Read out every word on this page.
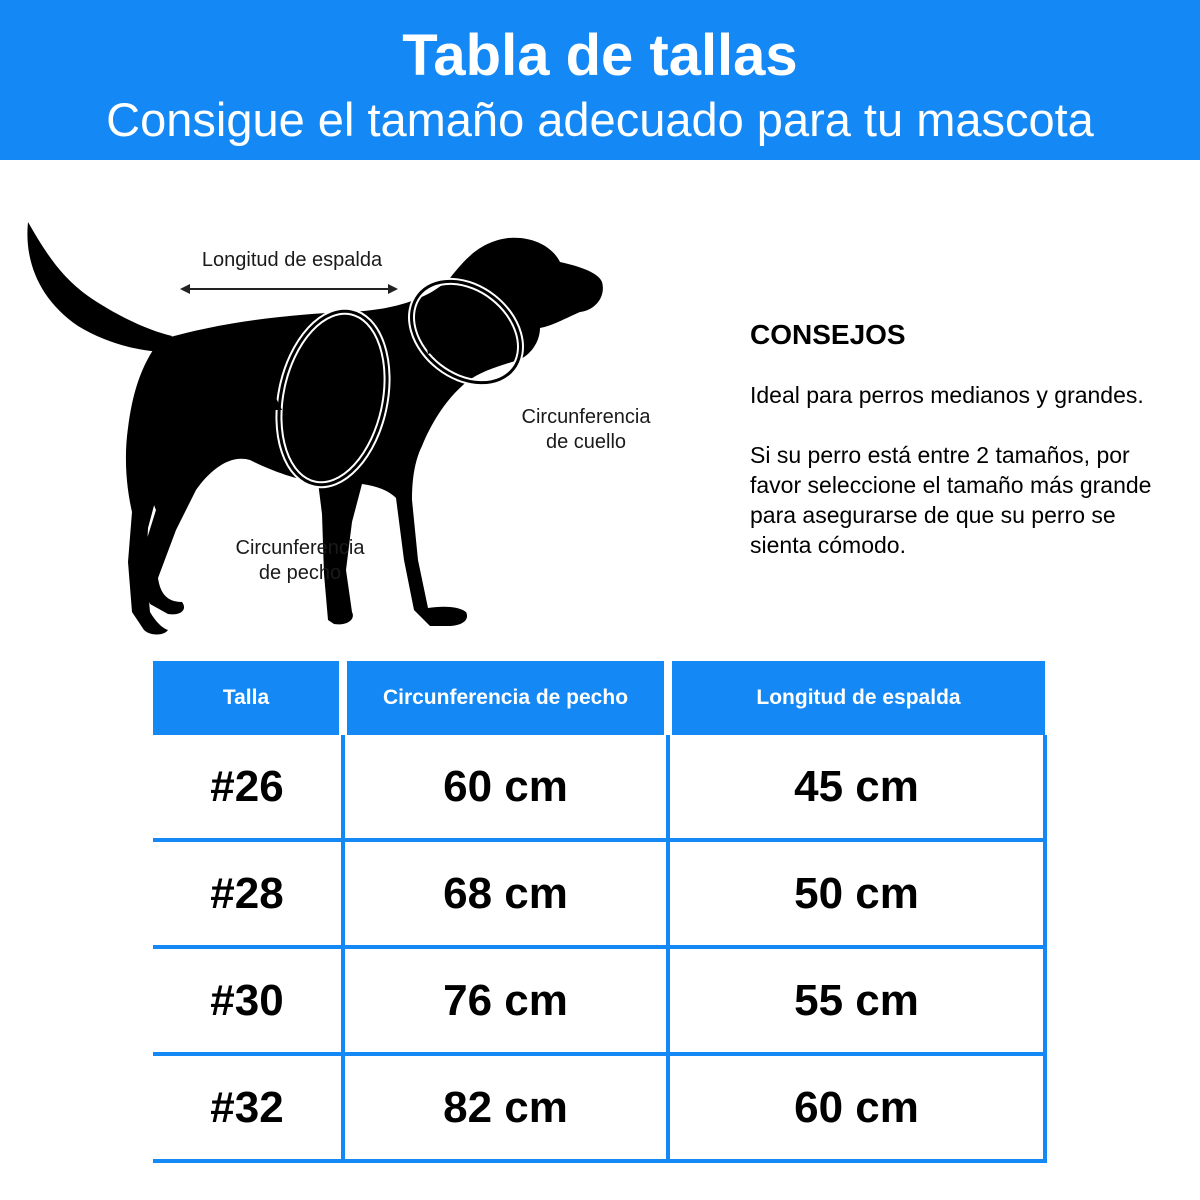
Tabla de tallas
Consigue el tamaño adecuado para tu mascota
Longitud de espalda
Circunferencia
de cuello
Circunferencia
de pecho
CONSEJOS

Ideal para perros medianos y grandes.

Si su perro está entre 2 tamaños, por favor seleccione el tamaño más grande para asegurarse de que su perro se sienta cómodo.

Talla	Circunferencia de pecho	Longitud de espalda
#26	60 cm	45 cm
#28	68 cm	50 cm
#30	76 cm	55 cm
#32	82 cm	60 cm
